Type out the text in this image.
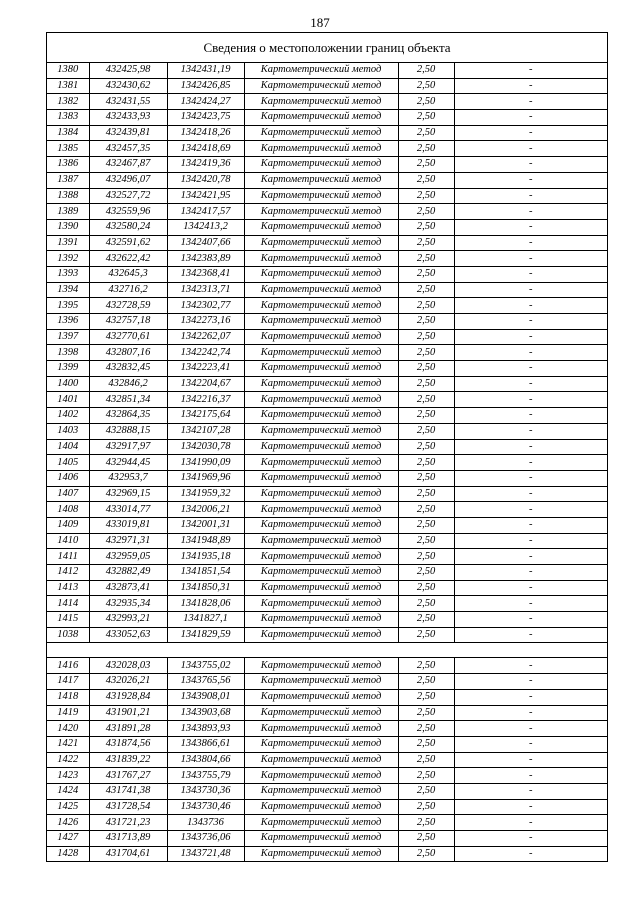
187
Сведения о местоположении границ объекта
1380	432425,98	1342431,19	Картометрический метод	2,50	-
1381	432430,62	1342426,85	Картометрический метод	2,50	-
1382	432431,55	1342424,27	Картометрический метод	2,50	-
1383	432433,93	1342423,75	Картометрический метод	2,50	-
1384	432439,81	1342418,26	Картометрический метод	2,50	-
1385	432457,35	1342418,69	Картометрический метод	2,50	-
1386	432467,87	1342419,36	Картометрический метод	2,50	-
1387	432496,07	1342420,78	Картометрический метод	2,50	-
1388	432527,72	1342421,95	Картометрический метод	2,50	-
1389	432559,96	1342417,57	Картометрический метод	2,50	-
1390	432580,24	1342413,2	Картометрический метод	2,50	-
1391	432591,62	1342407,66	Картометрический метод	2,50	-
1392	432622,42	1342383,89	Картометрический метод	2,50	-
1393	432645,3	1342368,41	Картометрический метод	2,50	-
1394	432716,2	1342313,71	Картометрический метод	2,50	-
1395	432728,59	1342302,77	Картометрический метод	2,50	-
1396	432757,18	1342273,16	Картометрический метод	2,50	-
1397	432770,61	1342262,07	Картометрический метод	2,50	-
1398	432807,16	1342242,74	Картометрический метод	2,50	-
1399	432832,45	1342223,41	Картометрический метод	2,50	-
1400	432846,2	1342204,67	Картометрический метод	2,50	-
1401	432851,34	1342216,37	Картометрический метод	2,50	-
1402	432864,35	1342175,64	Картометрический метод	2,50	-
1403	432888,15	1342107,28	Картометрический метод	2,50	-
1404	432917,97	1342030,78	Картометрический метод	2,50	-
1405	432944,45	1341990,09	Картометрический метод	2,50	-
1406	432953,7	1341969,96	Картометрический метод	2,50	-
1407	432969,15	1341959,32	Картометрический метод	2,50	-
1408	433014,77	1342006,21	Картометрический метод	2,50	-
1409	433019,81	1342001,31	Картометрический метод	2,50	-
1410	432971,31	1341948,89	Картометрический метод	2,50	-
1411	432959,05	1341935,18	Картометрический метод	2,50	-
1412	432882,49	1341851,54	Картометрический метод	2,50	-
1413	432873,41	1341850,31	Картометрический метод	2,50	-
1414	432935,34	1341828,06	Картометрический метод	2,50	-
1415	432993,21	1341827,1	Картометрический метод	2,50	-
1038	433052,63	1341829,59	Картометрический метод	2,50	-

1416	432028,03	1343755,02	Картометрический метод	2,50	-
1417	432026,21	1343765,56	Картометрический метод	2,50	-
1418	431928,84	1343908,01	Картометрический метод	2,50	-
1419	431901,21	1343903,68	Картометрический метод	2,50	-
1420	431891,28	1343893,93	Картометрический метод	2,50	-
1421	431874,56	1343866,61	Картометрический метод	2,50	-
1422	431839,22	1343804,66	Картометрический метод	2,50	-
1423	431767,27	1343755,79	Картометрический метод	2,50	-
1424	431741,38	1343730,36	Картометрический метод	2,50	-
1425	431728,54	1343730,46	Картометрический метод	2,50	-
1426	431721,23	1343736	Картометрический метод	2,50	-
1427	431713,89	1343736,06	Картометрический метод	2,50	-
1428	431704,61	1343721,48	Картометрический метод	2,50	-
